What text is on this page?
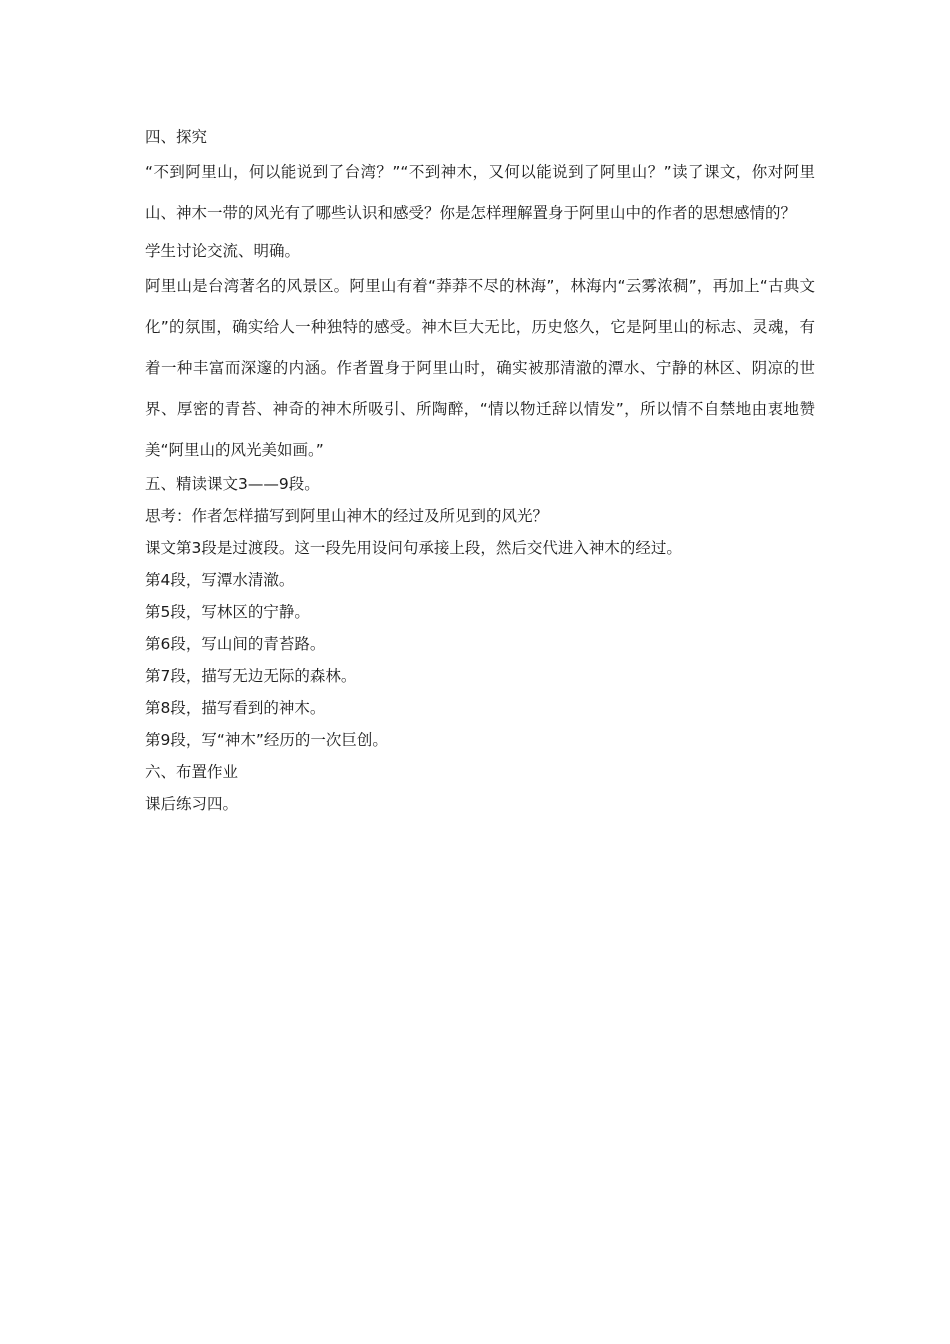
四、探究

“不到阿里山，何以能说到了台湾？”“不到神木，又何以能说到了阿里山？”读了课文，你对阿里山、神木一带的风光有了哪些认识和感受？你是怎样理解置身于阿里山中的作者的思想感情的？

学生讨论交流、明确。

阿里山是台湾著名的风景区。阿里山有着“莽莽不尽的林海”，林海内“云雾浓稠”，再加上“古典文化”的氛围，确实给人一种独特的感受。神木巨大无比，历史悠久，它是阿里山的标志、灵魂，有着一种丰富而深邃的内涵。作者置身于阿里山时，确实被那清澈的潭水、宁静的林区、阴凉的世界、厚密的青苔、神奇的神木所吸引、所陶醉，“情以物迁辞以情发”，所以情不自禁地由衷地赞美“阿里山的风光美如画。”

五、精读课文3——9段。

思考：作者怎样描写到阿里山神木的经过及所见到的风光？

课文第3段是过渡段。这一段先用设问句承接上段，然后交代进入神木的经过。

第4段，写潭水清澈。

第5段，写林区的宁静。

第6段，写山间的青苔路。

第7段，描写无边无际的森林。

第8段，描写看到的神木。

第9段，写“神木”经历的一次巨创。

六、布置作业

课后练习四。
